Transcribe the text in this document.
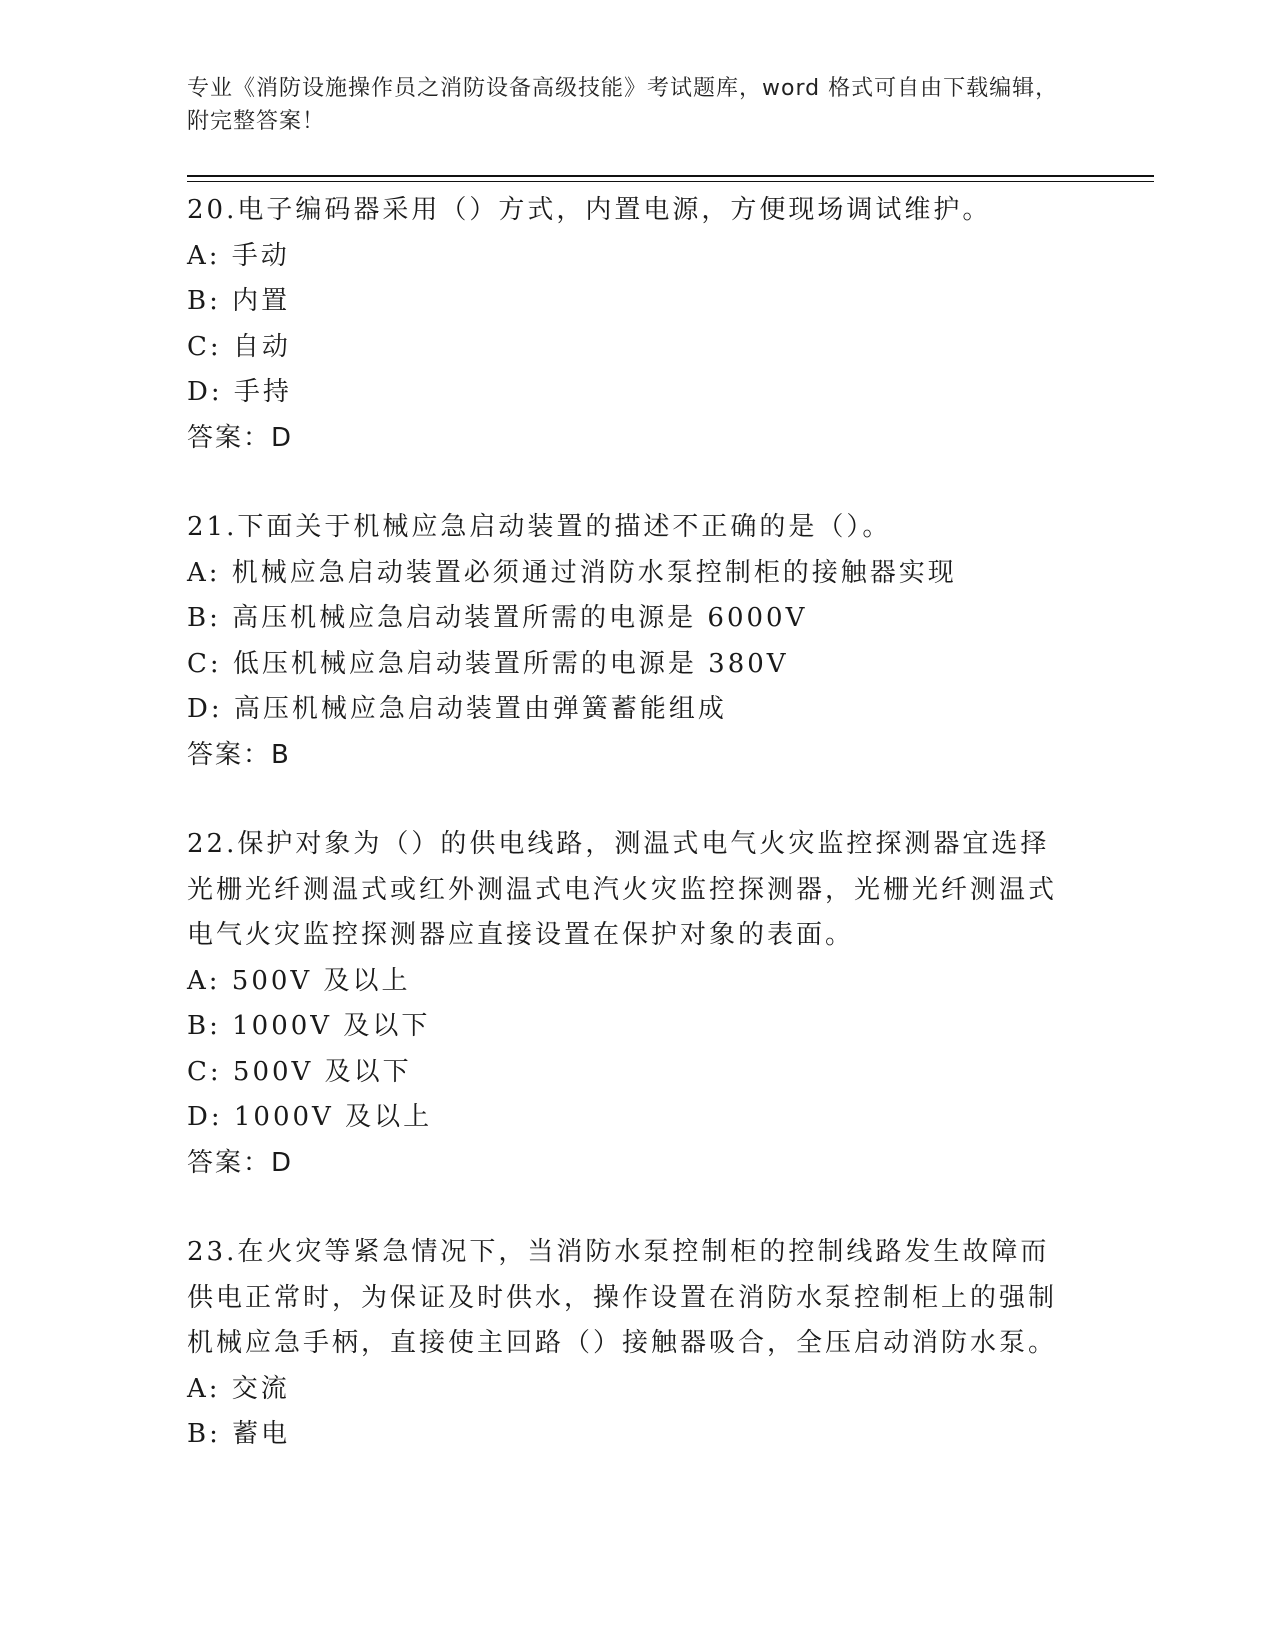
专业《消防设施操作员之消防设备高级技能》考试题库，word 格式可自由下载编辑，附完整答案！
20.电子编码器采用（）方式，内置电源，方便现场调试维护。
A: 手动
B: 内置
C: 自动
D: 手持
答案：D
21.下面关于机械应急启动装置的描述不正确的是（）。
A: 机械应急启动装置必须通过消防水泵控制柜的接触器实现
B: 高压机械应急启动装置所需的电源是 6000V
C: 低压机械应急启动装置所需的电源是 380V
D: 高压机械应急启动装置由弹簧蓄能组成
答案：B
22.保护对象为（）的供电线路，测温式电气火灾监控探测器宜选择光栅光纤测温式或红外测温式电汽火灾监控探测器，光栅光纤测温式电气火灾监控探测器应直接设置在保护对象的表面。
A: 500V 及以上
B: 1000V 及以下
C: 500V 及以下
D: 1000V 及以上
答案：D
23.在火灾等紧急情况下，当消防水泵控制柜的控制线路发生故障而供电正常时，为保证及时供水，操作设置在消防水泵控制柜上的强制机械应急手柄，直接使主回路（）接触器吸合，全压启动消防水泵。
A: 交流
B: 蓄电
